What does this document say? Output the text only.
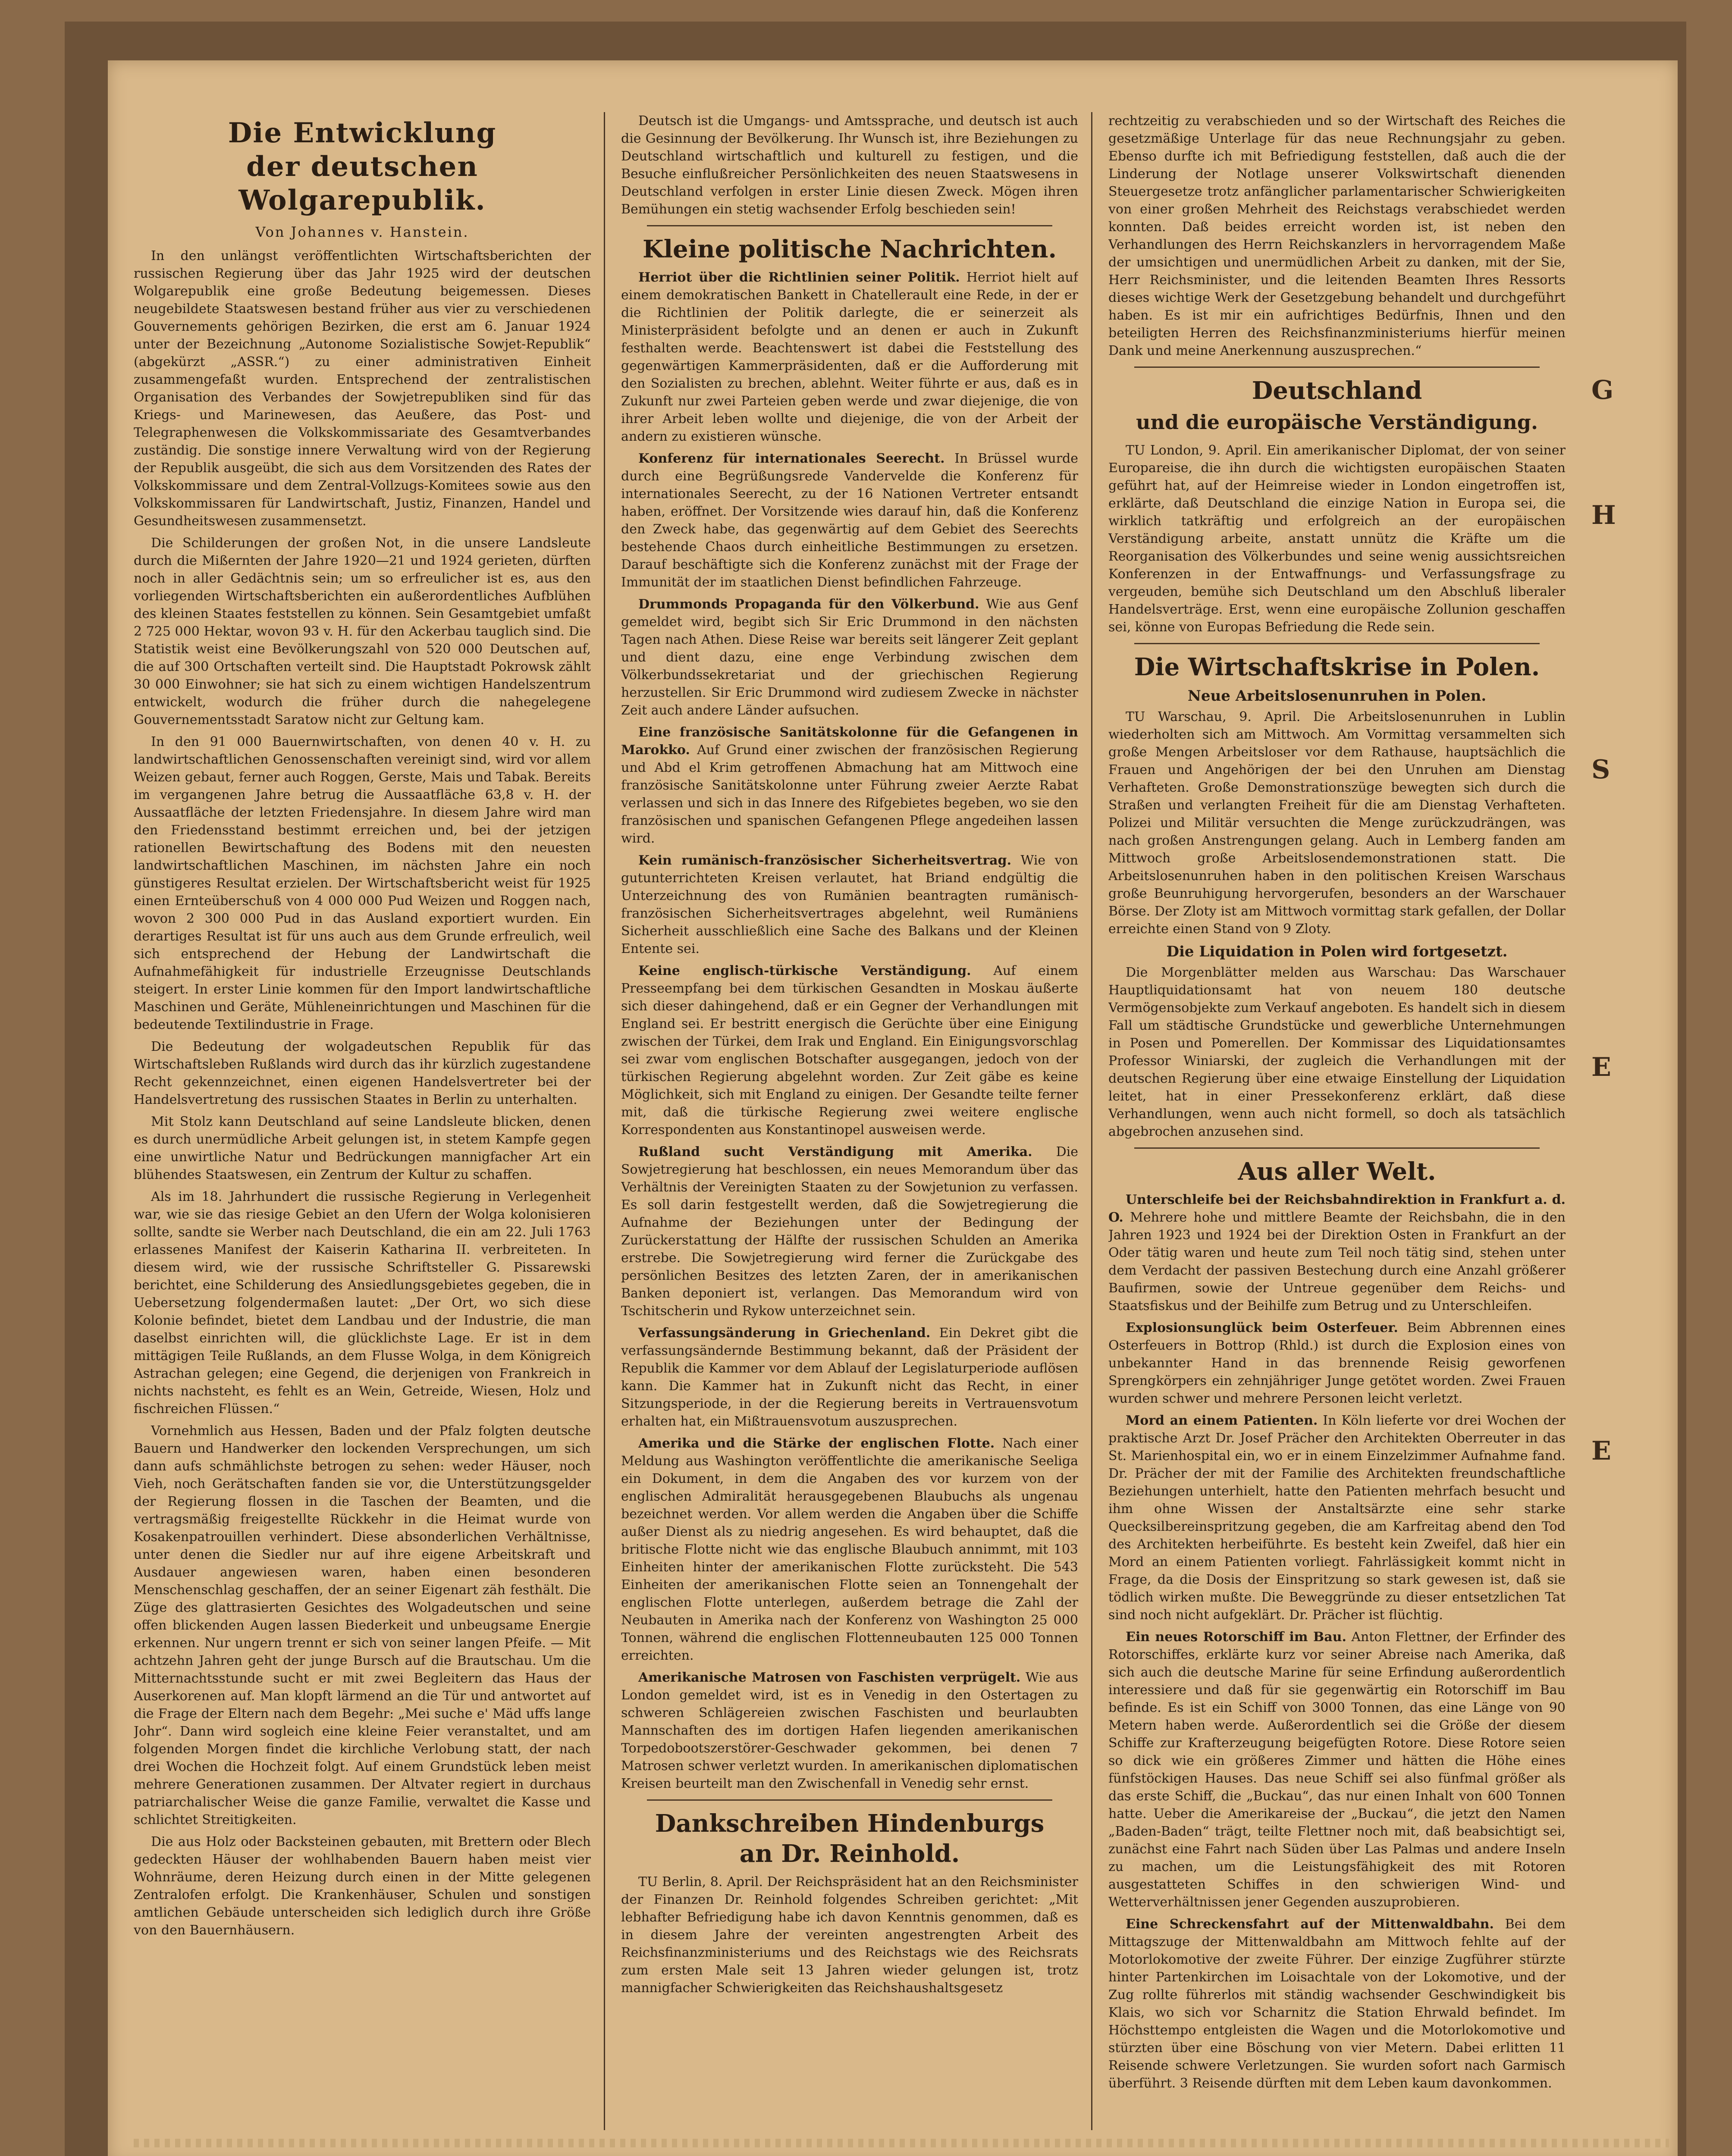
Die Entwicklung
der deutschen Wolgarepublik.
Von Johannes v. Hanstein.

In den unlängst veröffentlichten Wirtschaftsberichten der russischen Regierung über das Jahr 1925 wird der deutschen Wolgarepublik eine große Bedeutung beigemessen. Dieses neugebildete Staatswesen bestand früher aus vier zu verschiedenen Gouvernements gehörigen Bezirken, die erst am 6. Januar 1924 unter der Bezeichnung „Autonome Sozialistische Sowjet-Republik“ (abgekürzt „ASSR.“) zu einer administrativen Einheit zusammengefaßt wurden. Entsprechend der zentralistischen Organisation des Verbandes der Sowjetrepubliken sind für das Kriegs- und Marinewesen, das Aeußere, das Post- und Telegraphenwesen die Volkskommissariate des Gesamtverbandes zuständig. Die sonstige innere Verwaltung wird von der Regierung der Republik ausgeübt, die sich aus dem Vorsitzenden des Rates der Volkskommissare und dem Zentral-Vollzugs-Komitees sowie aus den Volkskommissaren für Landwirtschaft, Justiz, Finanzen, Handel und Gesundheitswesen zusammensetzt.

Die Schilderungen der großen Not, in die unsere Landsleute durch die Mißernten der Jahre 1920—21 und 1924 gerieten, dürften noch in aller Gedächtnis sein; um so erfreulicher ist es, aus den vorliegenden Wirtschaftsberichten ein außerordentliches Aufblühen des kleinen Staates feststellen zu können. Sein Gesamtgebiet umfaßt 2 725 000 Hektar, wovon 93 v. H. für den Ackerbau tauglich sind. Die Statistik weist eine Bevölkerungszahl von 520 000 Deutschen auf, die auf 300 Ortschaften verteilt sind. Die Hauptstadt Pokrowsk zählt 30 000 Einwohner; sie hat sich zu einem wichtigen Handelszentrum entwickelt, wodurch die früher durch die nahegelegene Gouvernementsstadt Saratow nicht zur Geltung kam.

In den 91 000 Bauernwirtschaften, von denen 40 v. H. zu landwirtschaftlichen Genossenschaften vereinigt sind, wird vor allem Weizen gebaut, ferner auch Roggen, Gerste, Mais und Tabak. Bereits im vergangenen Jahre betrug die Aussaatfläche 63,8 v. H. der Aussaatfläche der letzten Friedensjahre. In diesem Jahre wird man den Friedensstand bestimmt erreichen und, bei der jetzigen rationellen Bewirtschaftung des Bodens mit den neuesten landwirtschaftlichen Maschinen, im nächsten Jahre ein noch günstigeres Resultat erzielen. Der Wirtschaftsbericht weist für 1925 einen Ernteüberschuß von 4 000 000 Pud Weizen und Roggen nach, wovon 2 300 000 Pud in das Ausland exportiert wurden. Ein derartiges Resultat ist für uns auch aus dem Grunde erfreulich, weil sich entsprechend der Hebung der Landwirtschaft die Aufnahmefähigkeit für industrielle Erzeugnisse Deutschlands steigert. In erster Linie kommen für den Import landwirtschaftliche Maschinen und Geräte, Mühleneinrichtungen und Maschinen für die bedeutende Textilindustrie in Frage.

Die Bedeutung der wolgadeutschen Republik für das Wirtschaftsleben Rußlands wird durch das ihr kürzlich zugestandene Recht gekennzeichnet, einen eigenen Handelsvertreter bei der Handelsvertretung des russischen Staates in Berlin zu unterhalten.

Mit Stolz kann Deutschland auf seine Landsleute blicken, denen es durch unermüdliche Arbeit gelungen ist, in stetem Kampfe gegen eine unwirtliche Natur und Bedrückungen mannigfacher Art ein blühendes Staatswesen, ein Zentrum der Kultur zu schaffen.

Als im 18. Jahrhundert die russische Regierung in Verlegenheit war, wie sie das riesige Gebiet an den Ufern der Wolga kolonisieren sollte, sandte sie Werber nach Deutschland, die ein am 22. Juli 1763 erlassenes Manifest der Kaiserin Katharina II. verbreiteten. In diesem wird, wie der russische Schriftsteller G. Pissarewski berichtet, eine Schilderung des Ansiedlungsgebietes gegeben, die in Uebersetzung folgendermaßen lautet: „Der Ort, wo sich diese Kolonie befindet, bietet dem Landbau und der Industrie, die man daselbst einrichten will, die glücklichste Lage. Er ist in dem mittägigen Teile Rußlands, an dem Flusse Wolga, in dem Königreich Astrachan gelegen; eine Gegend, die derjenigen von Frankreich in nichts nachsteht, es fehlt es an Wein, Getreide, Wiesen, Holz und fischreichen Flüssen.“

Vornehmlich aus Hessen, Baden und der Pfalz folgten deutsche Bauern und Handwerker den lockenden Versprechungen, um sich dann aufs schmählichste betrogen zu sehen: weder Häuser, noch Vieh, noch Gerätschaften fanden sie vor, die Unterstützungsgelder der Regierung flossen in die Taschen der Beamten, und die vertragsmäßig freigestellte Rückkehr in die Heimat wurde von Kosakenpatrouillen verhindert. Diese absonderlichen Verhältnisse, unter denen die Siedler nur auf ihre eigene Arbeitskraft und Ausdauer angewiesen waren, haben einen besonderen Menschenschlag geschaffen, der an seiner Eigenart zäh festhält. Die Züge des glattrasierten Gesichtes des Wolgadeutschen und seine offen blickenden Augen lassen Biederkeit und unbeugsame Energie erkennen. Nur ungern trennt er sich von seiner langen Pfeife. — Mit achtzehn Jahren geht der junge Bursch auf die Brautschau. Um die Mitternachtsstunde sucht er mit zwei Begleitern das Haus der Auserkorenen auf. Man klopft lärmend an die Tür und antwortet auf die Frage der Eltern nach dem Begehr: „Mei suche e' Mäd uffs lange Johr“. Dann wird sogleich eine kleine Feier veranstaltet, und am folgenden Morgen findet die kirchliche Verlobung statt, der nach drei Wochen die Hochzeit folgt. Auf einem Grundstück leben meist mehrere Generationen zusammen. Der Altvater regiert in durchaus patriarchalischer Weise die ganze Familie, verwaltet die Kasse und schlichtet Streitigkeiten.

Die aus Holz oder Backsteinen gebauten, mit Brettern oder Blech gedeckten Häuser der wohlhabenden Bauern haben meist vier Wohnräume, deren Heizung durch einen in der Mitte gelegenen Zentralofen erfolgt. Die Krankenhäuser, Schulen und sonstigen amtlichen Gebäude unterscheiden sich lediglich durch ihre Größe von den Bauernhäusern.

Deutsch ist die Umgangs- und Amtssprache, und deutsch ist auch die Gesinnung der Bevölkerung. Ihr Wunsch ist, ihre Beziehungen zu Deutschland wirtschaftlich und kulturell zu festigen, und die Besuche einflußreicher Persönlichkeiten des neuen Staatswesens in Deutschland verfolgen in erster Linie diesen Zweck. Mögen ihren Bemühungen ein stetig wachsender Erfolg beschieden sein!

Kleine politische Nachrichten.

Herriot über die Richtlinien seiner Politik. Herriot hielt auf einem demokratischen Bankett in Chatellerault eine Rede, in der er die Richtlinien der Politik darlegte, die er seinerzeit als Ministerpräsident befolgte und an denen er auch in Zukunft festhalten werde. Beachtenswert ist dabei die Feststellung des gegenwärtigen Kammerpräsidenten, daß er die Aufforderung mit den Sozialisten zu brechen, ablehnt. Weiter führte er aus, daß es in Zukunft nur zwei Parteien geben werde und zwar diejenige, die von ihrer Arbeit leben wollte und diejenige, die von der Arbeit der andern zu existieren wünsche.

Konferenz für internationales Seerecht. In Brüssel wurde durch eine Begrüßungsrede Vandervelde die Konferenz für internationales Seerecht, zu der 16 Nationen Vertreter entsandt haben, eröffnet. Der Vorsitzende wies darauf hin, daß die Konferenz den Zweck habe, das gegenwärtig auf dem Gebiet des Seerechts bestehende Chaos durch einheitliche Bestimmungen zu ersetzen. Darauf beschäftigte sich die Konferenz zunächst mit der Frage der Immunität der im staatlichen Dienst befindlichen Fahrzeuge.

Drummonds Propaganda für den Völkerbund. Wie aus Genf gemeldet wird, begibt sich Sir Eric Drummond in den nächsten Tagen nach Athen. Diese Reise war bereits seit längerer Zeit geplant und dient dazu, eine enge Verbindung zwischen dem Völkerbundssekretariat und der griechischen Regierung herzustellen. Sir Eric Drummond wird zudiesem Zwecke in nächster Zeit auch andere Länder aufsuchen.

Eine französische Sanitätskolonne für die Gefangenen in Marokko. Auf Grund einer zwischen der französischen Regierung und Abd el Krim getroffenen Abmachung hat am Mittwoch eine französische Sanitätskolonne unter Führung zweier Aerzte Rabat verlassen und sich in das Innere des Rifgebietes begeben, wo sie den französischen und spanischen Gefangenen Pflege angedeihen lassen wird.

Kein rumänisch-französischer Sicherheitsvertrag. Wie von gutunterrichteten Kreisen verlautet, hat Briand endgültig die Unterzeichnung des von Rumänien beantragten rumänisch-französischen Sicherheitsvertrages abgelehnt, weil Rumäniens Sicherheit ausschließlich eine Sache des Balkans und der Kleinen Entente sei.

Keine englisch-türkische Verständigung. Auf einem Presseempfang bei dem türkischen Gesandten in Moskau äußerte sich dieser dahingehend, daß er ein Gegner der Verhandlungen mit England sei. Er bestritt energisch die Gerüchte über eine Einigung zwischen der Türkei, dem Irak und England. Ein Einigungsvorschlag sei zwar vom englischen Botschafter ausgegangen, jedoch von der türkischen Regierung abgelehnt worden. Zur Zeit gäbe es keine Möglichkeit, sich mit England zu einigen. Der Gesandte teilte ferner mit, daß die türkische Regierung zwei weitere englische Korrespondenten aus Konstantinopel ausweisen werde.

Rußland sucht Verständigung mit Amerika. Die Sowjetregierung hat beschlossen, ein neues Memorandum über das Verhältnis der Vereinigten Staaten zu der Sowjetunion zu verfassen. Es soll darin festgestellt werden, daß die Sowjetregierung die Aufnahme der Beziehungen unter der Bedingung der Zurückerstattung der Hälfte der russischen Schulden an Amerika erstrebe. Die Sowjetregierung wird ferner die Zurückgabe des persönlichen Besitzes des letzten Zaren, der in amerikanischen Banken deponiert ist, verlangen. Das Memorandum wird von Tschitscherin und Rykow unterzeichnet sein.

Verfassungsänderung in Griechenland. Ein Dekret gibt die verfassungsändernde Bestimmung bekannt, daß der Präsident der Republik die Kammer vor dem Ablauf der Legislaturperiode auflösen kann. Die Kammer hat in Zukunft nicht das Recht, in einer Sitzungsperiode, in der die Regierung bereits in Vertrauensvotum erhalten hat, ein Mißtrauensvotum auszusprechen.

Amerika und die Stärke der englischen Flotte. Nach einer Meldung aus Washington veröffentlichte die amerikanische Seeliga ein Dokument, in dem die Angaben des vor kurzem von der englischen Admiralität herausgegebenen Blaubuchs als ungenau bezeichnet werden. Vor allem werden die Angaben über die Schiffe außer Dienst als zu niedrig angesehen. Es wird behauptet, daß die britische Flotte nicht wie das englische Blaubuch annimmt, mit 103 Einheiten hinter der amerikanischen Flotte zurücksteht. Die 543 Einheiten der amerikanischen Flotte seien an Tonnengehalt der englischen Flotte unterlegen, außerdem betrage die Zahl der Neubauten in Amerika nach der Konferenz von Washington 25 000 Tonnen, während die englischen Flottenneubauten 125 000 Tonnen erreichten.

Amerikanische Matrosen von Faschisten verprügelt. Wie aus London gemeldet wird, ist es in Venedig in den Ostertagen zu schweren Schlägereien zwischen Faschisten und beurlaubten Mannschaften des im dortigen Hafen liegenden amerikanischen Torpedobootszerstörer-Geschwader gekommen, bei denen 7 Matrosen schwer verletzt wurden. In amerikanischen diplomatischen Kreisen beurteilt man den Zwischenfall in Venedig sehr ernst.

Dankschreiben Hindenburgs
an Dr. Reinhold.

TU Berlin, 8. April. Der Reichspräsident hat an den Reichsminister der Finanzen Dr. Reinhold folgendes Schreiben gerichtet: „Mit lebhafter Befriedigung habe ich davon Kenntnis genommen, daß es in diesem Jahre der vereinten angestrengten Arbeit des Reichsfinanzministeriums und des Reichstags wie des Reichsrats zum ersten Male seit 13 Jahren wieder gelungen ist, trotz mannigfacher Schwierigkeiten das Reichshaushaltsgesetz

rechtzeitig zu verabschieden und so der Wirtschaft des Reiches die gesetzmäßige Unterlage für das neue Rechnungsjahr zu geben. Ebenso durfte ich mit Befriedigung feststellen, daß auch die der Linderung der Notlage unserer Volkswirtschaft dienenden Steuergesetze trotz anfänglicher parlamentarischer Schwierigkeiten von einer großen Mehrheit des Reichstags verabschiedet werden konnten. Daß beides erreicht worden ist, ist neben den Verhandlungen des Herrn Reichskanzlers in hervorragendem Maße der umsichtigen und unermüdlichen Arbeit zu danken, mit der Sie, Herr Reichsminister, und die leitenden Beamten Ihres Ressorts dieses wichtige Werk der Gesetzgebung behandelt und durchgeführt haben. Es ist mir ein aufrichtiges Bedürfnis, Ihnen und den beteiligten Herren des Reichsfinanzministeriums hierfür meinen Dank und meine Anerkennung auszusprechen.“

Deutschland
und die europäische Verständigung.

TU London, 9. April. Ein amerikanischer Diplomat, der von seiner Europareise, die ihn durch die wichtigsten europäischen Staaten geführt hat, auf der Heimreise wieder in London eingetroffen ist, erklärte, daß Deutschland die einzige Nation in Europa sei, die wirklich tatkräftig und erfolgreich an der europäischen Verständigung arbeite, anstatt unnütz die Kräfte um die Reorganisation des Völkerbundes und seine wenig aussichtsreichen Konferenzen in der Entwaffnungs- und Verfassungsfrage zu vergeuden, bemühe sich Deutschland um den Abschluß liberaler Handelsverträge. Erst, wenn eine europäische Zollunion geschaffen sei, könne von Europas Befriedung die Rede sein.

Die Wirtschaftskrise in Polen.
Neue Arbeitslosenunruhen in Polen.

TU Warschau, 9. April. Die Arbeitslosenunruhen in Lublin wiederholten sich am Mittwoch. Am Vormittag versammelten sich große Mengen Arbeitsloser vor dem Rathause, hauptsächlich die Frauen und Angehörigen der bei den Unruhen am Dienstag Verhafteten. Große Demonstrationszüge bewegten sich durch die Straßen und verlangten Freiheit für die am Dienstag Verhafteten. Polizei und Militär versuchten die Menge zurückzudrängen, was nach großen Anstrengungen gelang. Auch in Lemberg fanden am Mittwoch große Arbeitslosendemonstrationen statt. Die Arbeitslosenunruhen haben in den politischen Kreisen Warschaus große Beunruhigung hervorgerufen, besonders an der Warschauer Börse. Der Zloty ist am Mittwoch vormittag stark gefallen, der Dollar erreichte einen Stand von 9 Zloty.

Die Liquidation in Polen wird fortgesetzt.

Die Morgenblätter melden aus Warschau: Das Warschauer Hauptliquidationsamt hat von neuem 180 deutsche Vermögensobjekte zum Verkauf angeboten. Es handelt sich in diesem Fall um städtische Grundstücke und gewerbliche Unternehmungen in Posen und Pomerellen. Der Kommissar des Liquidationsamtes Professor Winiarski, der zugleich die Verhandlungen mit der deutschen Regierung über eine etwaige Einstellung der Liquidation leitet, hat in einer Pressekonferenz erklärt, daß diese Verhandlungen, wenn auch nicht formell, so doch als tatsächlich abgebrochen anzusehen sind.

Aus aller Welt.

Unterschleife bei der Reichsbahndirektion in Frankfurt a. d. O. Mehrere hohe und mittlere Beamte der Reichsbahn, die in den Jahren 1923 und 1924 bei der Direktion Osten in Frankfurt an der Oder tätig waren und heute zum Teil noch tätig sind, stehen unter dem Verdacht der passiven Bestechung durch eine Anzahl größerer Baufirmen, sowie der Untreue gegenüber dem Reichs- und Staatsfiskus und der Beihilfe zum Betrug und zu Unterschleifen.

Explosionsunglück beim Osterfeuer. Beim Abbrennen eines Osterfeuers in Bottrop (Rhld.) ist durch die Explosion eines von unbekannter Hand in das brennende Reisig geworfenen Sprengkörpers ein zehnjähriger Junge getötet worden. Zwei Frauen wurden schwer und mehrere Personen leicht verletzt.

Mord an einem Patienten. In Köln lieferte vor drei Wochen der praktische Arzt Dr. Josef Prächer den Architekten Oberreuter in das St. Marienhospital ein, wo er in einem Einzelzimmer Aufnahme fand. Dr. Prächer der mit der Familie des Architekten freundschaftliche Beziehungen unterhielt, hatte den Patienten mehrfach besucht und ihm ohne Wissen der Anstaltsärzte eine sehr starke Quecksilbereinspritzung gegeben, die am Karfreitag abend den Tod des Architekten herbeiführte. Es besteht kein Zweifel, daß hier ein Mord an einem Patienten vorliegt. Fahrlässigkeit kommt nicht in Frage, da die Dosis der Einspritzung so stark gewesen ist, daß sie tödlich wirken mußte. Die Beweggründe zu dieser entsetzlichen Tat sind noch nicht aufgeklärt. Dr. Prächer ist flüchtig.

Ein neues Rotorschiff im Bau. Anton Flettner, der Erfinder des Rotorschiffes, erklärte kurz vor seiner Abreise nach Amerika, daß sich auch die deutsche Marine für seine Erfindung außerordentlich interessiere und daß für sie gegenwärtig ein Rotorschiff im Bau befinde. Es ist ein Schiff von 3000 Tonnen, das eine Länge von 90 Metern haben werde. Außerordentlich sei die Größe der diesem Schiffe zur Krafterzeugung beigefügten Rotore. Diese Rotore seien so dick wie ein größeres Zimmer und hätten die Höhe eines fünfstöckigen Hauses. Das neue Schiff sei also fünfmal größer als das erste Schiff, die „Buckau“, das nur einen Inhalt von 600 Tonnen hatte. Ueber die Amerikareise der „Buckau“, die jetzt den Namen „Baden-Baden“ trägt, teilte Flettner noch mit, daß beabsichtigt sei, zunächst eine Fahrt nach Süden über Las Palmas und andere Inseln zu machen, um die Leistungsfähigkeit des mit Rotoren ausgestatteten Schiffes in den schwierigen Wind- und Wetterverhältnissen jener Gegenden auszuprobieren.

Eine Schreckensfahrt auf der Mittenwaldbahn. Bei dem Mittagszuge der Mittenwaldbahn am Mittwoch fehlte auf der Motorlokomotive der zweite Führer. Der einzige Zugführer stürzte hinter Partenkirchen im Loisachtale von der Lokomotive, und der Zug rollte führerlos mit ständig wachsender Geschwindigkeit bis Klais, wo sich vor Scharnitz die Station Ehrwald befindet. Im Höchsttempo entgleisten die Wagen und die Motorlokomotive und stürzten über eine Böschung von vier Metern. Dabei erlitten 11 Reisende schwere Verletzungen. Sie wurden sofort nach Garmisch überführt. 3 Reisende dürften mit dem Leben kaum davonkommen.

G
H
S
E
E
